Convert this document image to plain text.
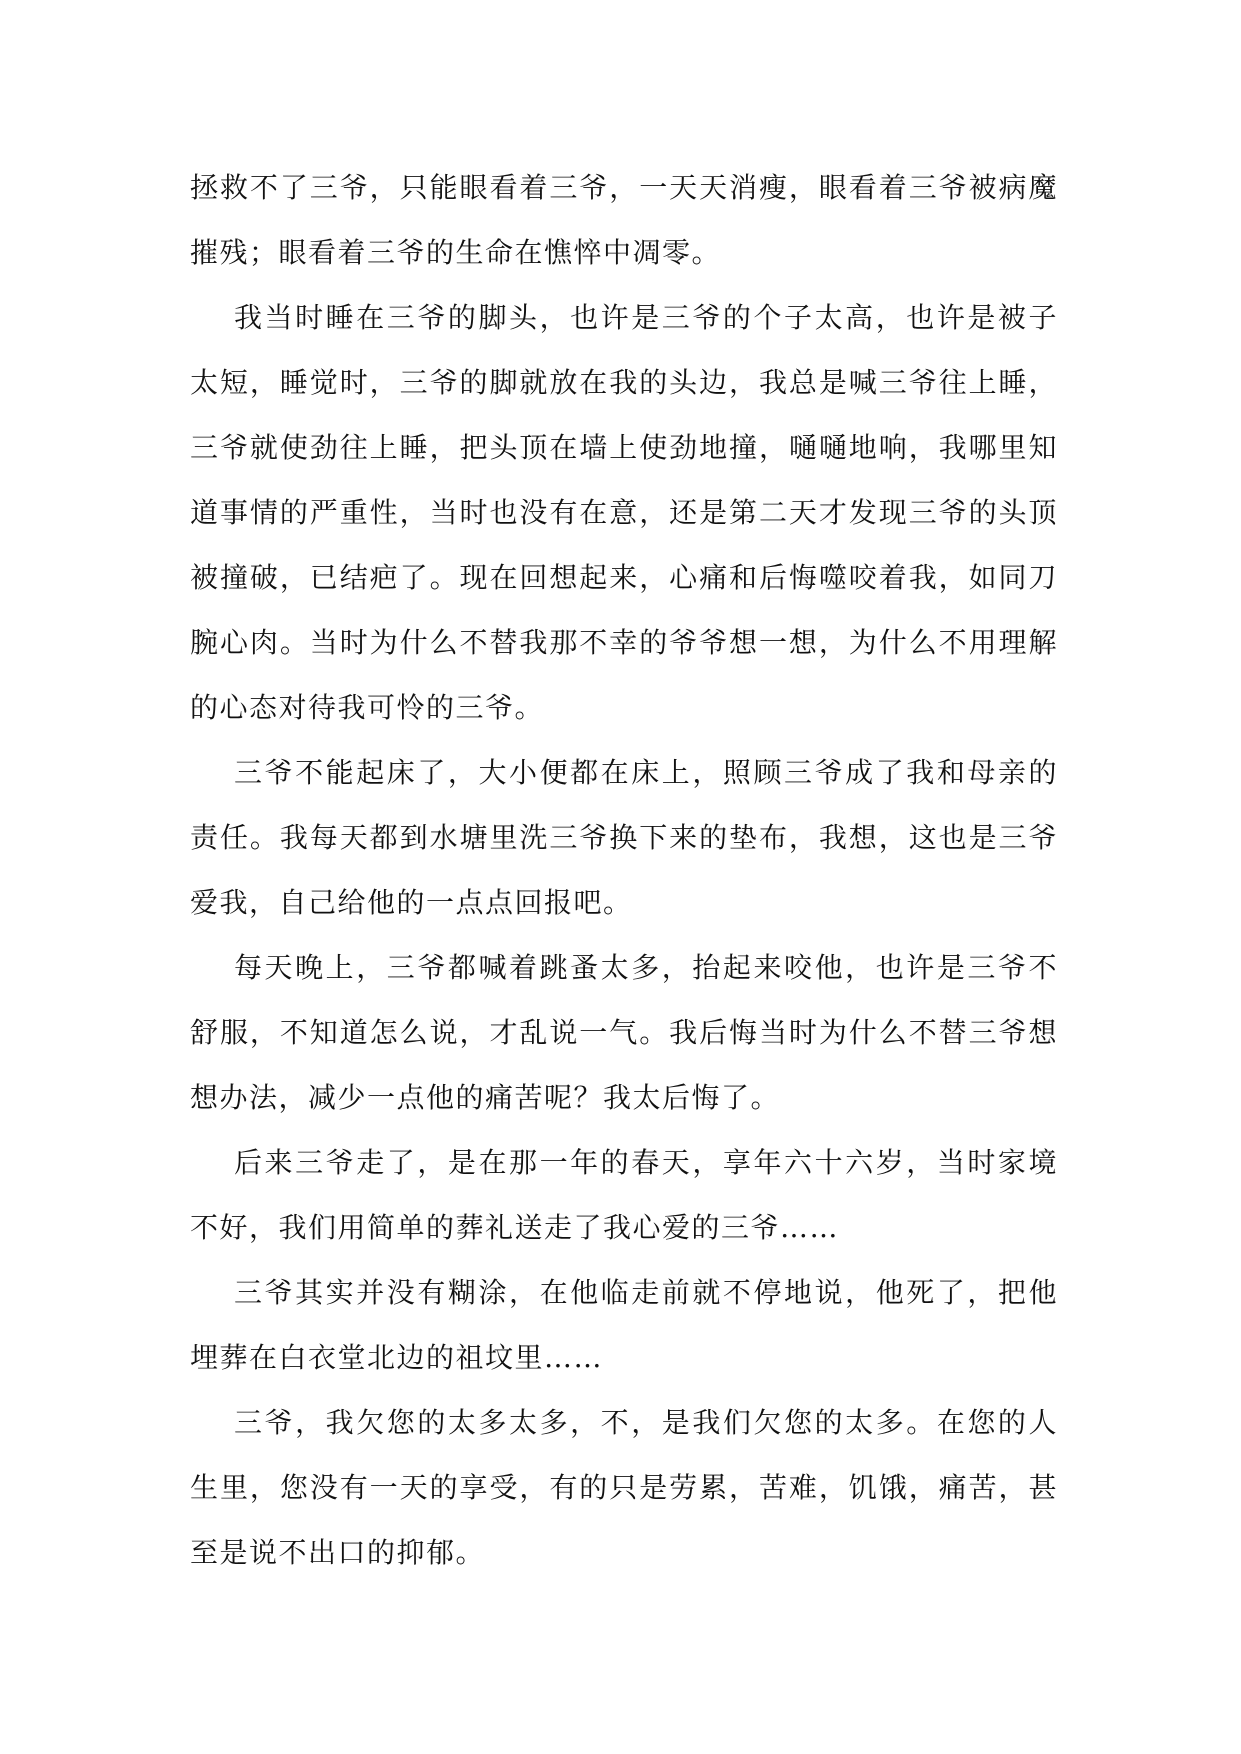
拯救不了三爷，只能眼看着三爷，一天天消瘦，眼看着三爷被病魔摧残；眼看着三爷的生命在憔悴中凋零。

我当时睡在三爷的脚头，也许是三爷的个子太高，也许是被子太短，睡觉时，三爷的脚就放在我的头边，我总是喊三爷往上睡，三爷就使劲往上睡，把头顶在墙上使劲地撞，嗵嗵地响，我哪里知道事情的严重性，当时也没有在意，还是第二天才发现三爷的头顶被撞破，已结疤了。现在回想起来，心痛和后悔噬咬着我，如同刀腕心肉。当时为什么不替我那不幸的爷爷想一想，为什么不用理解的心态对待我可怜的三爷。

三爷不能起床了，大小便都在床上，照顾三爷成了我和母亲的责任。我每天都到水塘里洗三爷换下来的垫布，我想，这也是三爷爱我，自己给他的一点点回报吧。

每天晚上，三爷都喊着跳蚤太多，抬起来咬他，也许是三爷不舒服，不知道怎么说，才乱说一气。我后悔当时为什么不替三爷想想办法，减少一点他的痛苦呢？我太后悔了。

后来三爷走了，是在那一年的春天，享年六十六岁，当时家境不好，我们用简单的葬礼送走了我心爱的三爷……

三爷其实并没有糊涂，在他临走前就不停地说，他死了，把他埋葬在白衣堂北边的祖坟里……

三爷，我欠您的太多太多，不，是我们欠您的太多。在您的人生里，您没有一天的享受，有的只是劳累，苦难，饥饿，痛苦，甚至是说不出口的抑郁。
